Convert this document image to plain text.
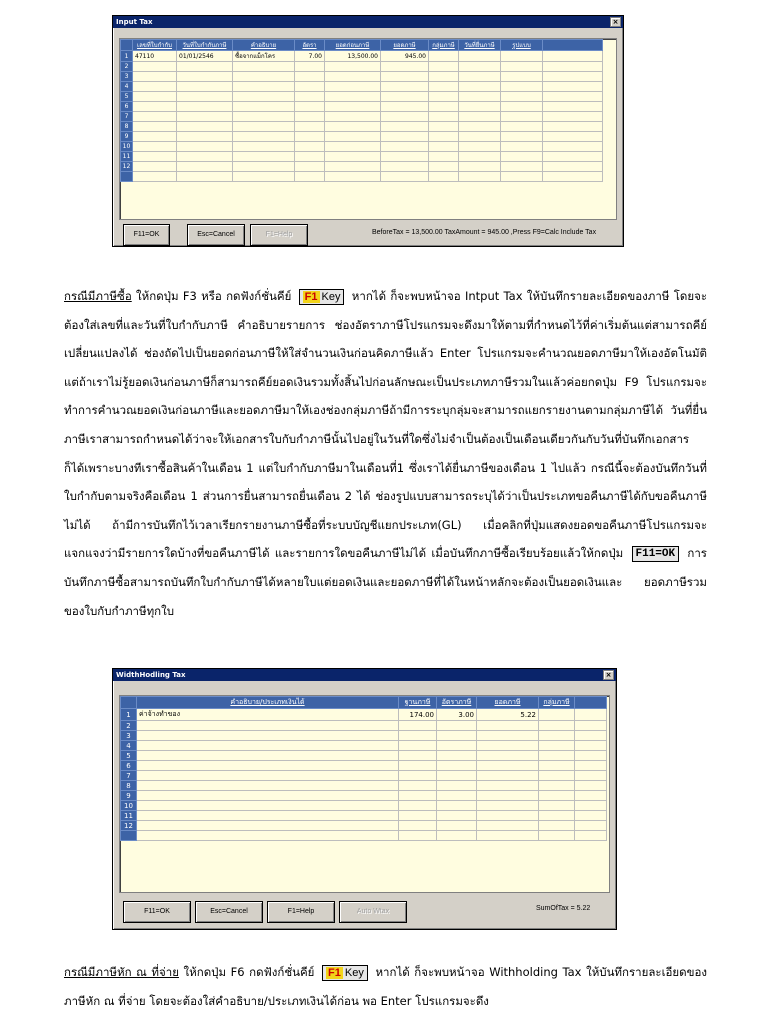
Input Tax	×
	เลขที่ใบกำกับ	วันที่ใบกำกับภาษี	คำอธิบาย	อัตรา	ยอดก่อนภาษี	ยอดภาษี	กลุ่มภาษี	วันที่ยื่นภาษี	รูปแบบ	
1	47110	01/01/2546	ซื้อจากแม็กโคร	7.00	13,500.00	945.00				
2										
3										
4										
5										
6										
7										
8										
9										
10										
11										
12										

F11=OK	Esc=Cancel	F1=Help	BeforeTax = 13,500.00 TaxAmount = 945.00 ,Press F9=Calc Include Tax
กรณีมีภาษีซื้อ ให้กดปุ่ม F3 หรือ กดฟังก์ชั่นคีย์ F1 Key หากได้ ก็จะพบหน้าจอ Intput Tax ให้บันทึกรายละเอียดของภาษี โดยจะต้องใส่เลขที่และวันที่ใบกำกับภาษี คำอธิบายรายการ ช่องอัตราภาษีโปรแกรมจะดึงมาให้ตามที่กำหนดไว้ที่ค่าเริ่มต้นแต่สามารถคีย์เปลี่ยนแปลงได้ ช่องถัดไปเป็นยอดก่อนภาษีให้ใส่จำนวนเงินก่อนคิดภาษีแล้ว Enter โปรแกรมจะคำนวณยอดภาษีมาให้เองอัตโนมัติ แต่ถ้าเราไม่รู้ยอดเงินก่อนภาษีก็สามารถคีย์ยอดเงินรวมทั้งสิ้นไปก่อนลักษณะเป็นประเภทภาษีรวมในแล้วค่อยกดปุ่ม F9 โปรแกรมจะทำการคำนวณยอดเงินก่อนภาษีและยอดภาษีมาให้เองช่องกลุ่มภาษีถ้ามีการระบุกลุ่มจะสามารถแยกรายงานตามกลุ่มภาษีได้ วันที่ยื่นภาษีเราสามารถกำหนดได้ว่าจะให้เอกสารใบกับกำภาษีนั้นไปอยู่ในวันที่ใดซึ่งไม่จำเป็นต้องเป็นเดือนเดียวกันกับวันที่บันทึกเอกสารก็ได้เพราะบางทีเราซื้อสินค้าในเดือน 1 แต่ใบกำกับภาษีมาในเดือนที่1 ซึ่งเราได้ยื่นภาษีของเดือน 1 ไปแล้ว กรณีนี้จะต้องบันทึกวันที่ใบกำกับตามจริงคือเดือน 1 ส่วนการยื่นสามารถยื่นเดือน 2 ได้ ช่องรูปแบบสามารถระบุได้ว่าเป็นประเภทขอคืนภาษีได้กับขอคืนภาษีไม่ได้ ถ้ามีการบันทึกไว้เวลาเรียกรายงานภาษีซื้อที่ระบบบัญชีแยกประเภท(GL) เมื่อคลิกที่ปุ่มแสดงยอดขอคืนภาษีโปรแกรมจะแจกแจงว่ามีรายการใดบ้างที่ขอคืนภาษีได้ และรายการใดขอคืนภาษีไม่ได้ เมื่อบันทึกภาษีซื้อเรียบร้อยแล้วให้กดปุ่ม F11=OK การบันทึกภาษีซื้อสามารถบันทึกใบกำกับภาษีได้หลายใบแต่ยอดเงินและยอดภาษีที่ได้ในหน้าหลักจะต้องเป็นยอดเงินและ ยอดภาษีรวมของใบกับกำภาษีทุกใบ
WidthHodling Tax	×
	คำอธิบาย/ประเภทเงินได้	ฐานภาษี	อัตราภาษี	ยอดภาษี	กลุ่มภาษี	
1	ค่าจ้างทำของ	174.00	3.00	5.22		
2						
3						
4						
5						
6						
7						
8						
9						
10						
11						
12						

F11=OK	Esc=Cancel	F1=Help	Auto Wtax	SumOfTax = 5.22
กรณีมีภาษีหัก ณ ที่จ่าย ให้กดปุ่ม F6 กดฟังก์ชั่นคีย์ F1 Key หากได้ ก็จะพบหน้าจอ Withholding Tax ให้บันทึกรายละเอียดของภาษีหัก ณ ที่จ่าย โดยจะต้องใส่คำอธิบาย/ประเภทเงินได้ก่อน พอ Enter โปรแกรมจะดึง
